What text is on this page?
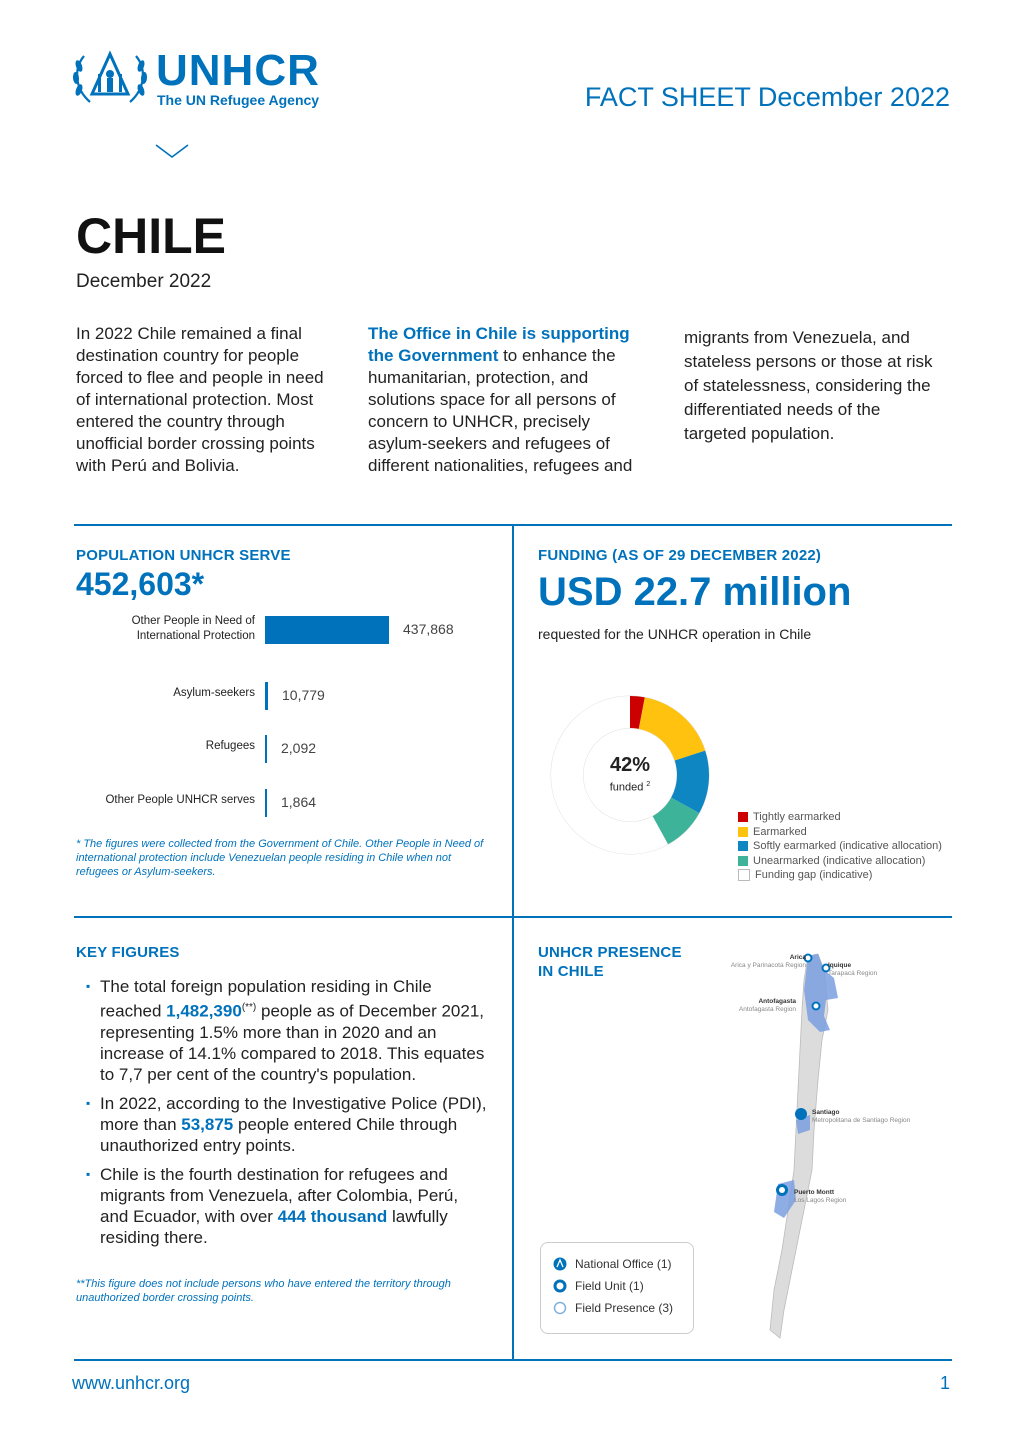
UNHCR
The UN Refugee Agency	FACT SHEET December 2022
CHILE
December 2022
In 2022 Chile remained a final destination country for people forced to flee and people in need of international protection. Most entered the country through unofficial border crossing points with Perú and Bolivia.
The Office in Chile is supporting the Government to enhance the humanitarian, protection, and solutions space for all persons of concern to UNHCR, precisely asylum-seekers and refugees of different nationalities, refugees and
migrants from Venezuela, and stateless persons or those at risk of statelessness, considering the differentiated needs of the targeted population.
POPULATION UNHCR SERVE
452,603*
Other People in Need of International Protection	437,868
Asylum-seekers 10,779
Refugees 2,092
Other People UNHCR serves 1,864
* The figures were collected from the Government of Chile. Other People in Need of international protection include Venezuelan people residing in Chile when not refugees or Asylum-seekers.
FUNDING (AS OF 29 DECEMBER 2022)
USD 22.7 million
requested for the UNHCR operation in Chile
42%
funded $^2$
Tightly earmarked
Earmarked
Softly earmarked (indicative allocation)
Unearmarked (indicative allocation)
Funding gap (indicative)
KEY FIGURES
▪ The total foreign population residing in Chile reached 1,482,390(**) people as of December 2021, representing 1.5% more than in 2020 and an increase of 14.1% compared to 2018. This equates to 7,7 per cent of the country's population.
▪ In 2022, according to the Investigative Police (PDI), more than 53,875 people entered Chile through unauthorized entry points.
▪ Chile is the fourth destination for refugees and migrants from Venezuela, after Colombia, Perú, and Ecuador, with over 444 thousand lawfully residing there.
**This figure does not include persons who have entered the territory through unauthorized border crossing points.
UNHCR PRESENCE
IN CHILE
Arica
Arica y Parinacota Region	Iquique
Tarapacá Region
Antofagasta
Antofagasta Region
Santiago
Metropolitana de Santiago Region
Puerto Montt
Los Lagos Region
National Office (1)
Field Unit (1)
Field Presence (3)
www.unhcr.org	1
